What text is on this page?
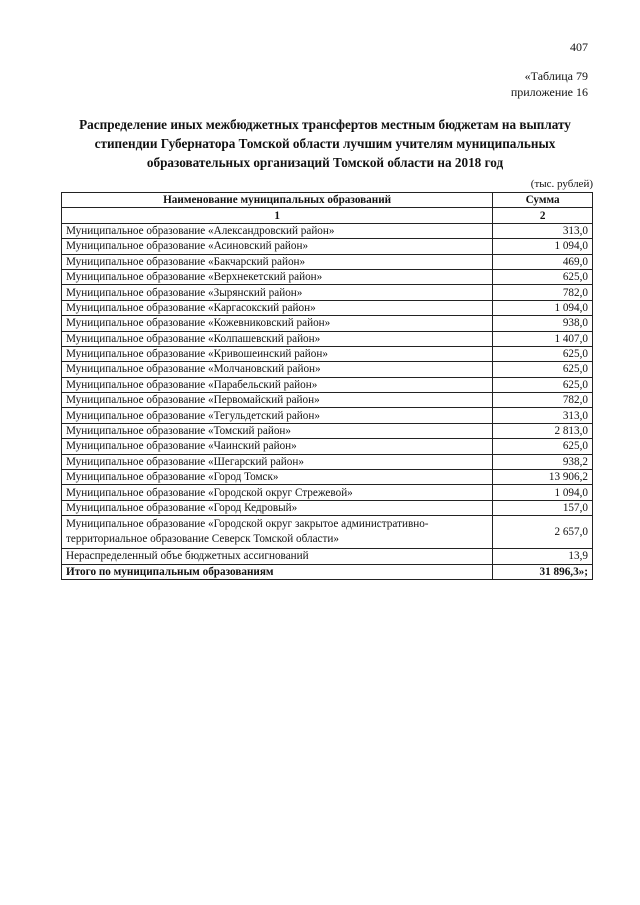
407
«Таблица 79
приложение 16
Распределение иных межбюджетных трансфертов местным бюджетам на выплату стипендии Губернатора Томской области лучшим учителям муниципальных образовательных организаций Томской области на 2018 год
(тыс. рублей)
Наименование муниципальных образований	Сумма
1	2
Муниципальное образование «Александровский район»	313,0
Муниципальное образование «Асиновский район»	1 094,0
Муниципальное образование «Бакчарский район»	469,0
Муниципальное образование «Верхнекетский район»	625,0
Муниципальное образование «Зырянский район»	782,0
Муниципальное образование «Каргасокский район»	1 094,0
Муниципальное образование «Кожевниковский район»	938,0
Муниципальное образование «Колпашевский район»	1 407,0
Муниципальное образование «Кривошеинский район»	625,0
Муниципальное образование «Молчановский район»	625,0
Муниципальное образование «Парабельский район»	625,0
Муниципальное образование «Первомайский район»	782,0
Муниципальное образование «Тегульдетский район»	313,0
Муниципальное образование «Томский район»	2 813,0
Муниципальное образование «Чаинский район»	625,0
Муниципальное образование «Шегарский район»	938,2
Муниципальное образование «Город Томск»	13 906,2
Муниципальное образование «Городской округ Стрежевой»	1 094,0
Муниципальное образование «Город Кедровый»	157,0
Муниципальное образование «Городской округ закрытое административно-территориальное образование Северск Томской области»	2 657,0
Нераспределенный объе бюджетных ассигнований	13,9
Итого по муниципальным образованиям	31 896,3»;
